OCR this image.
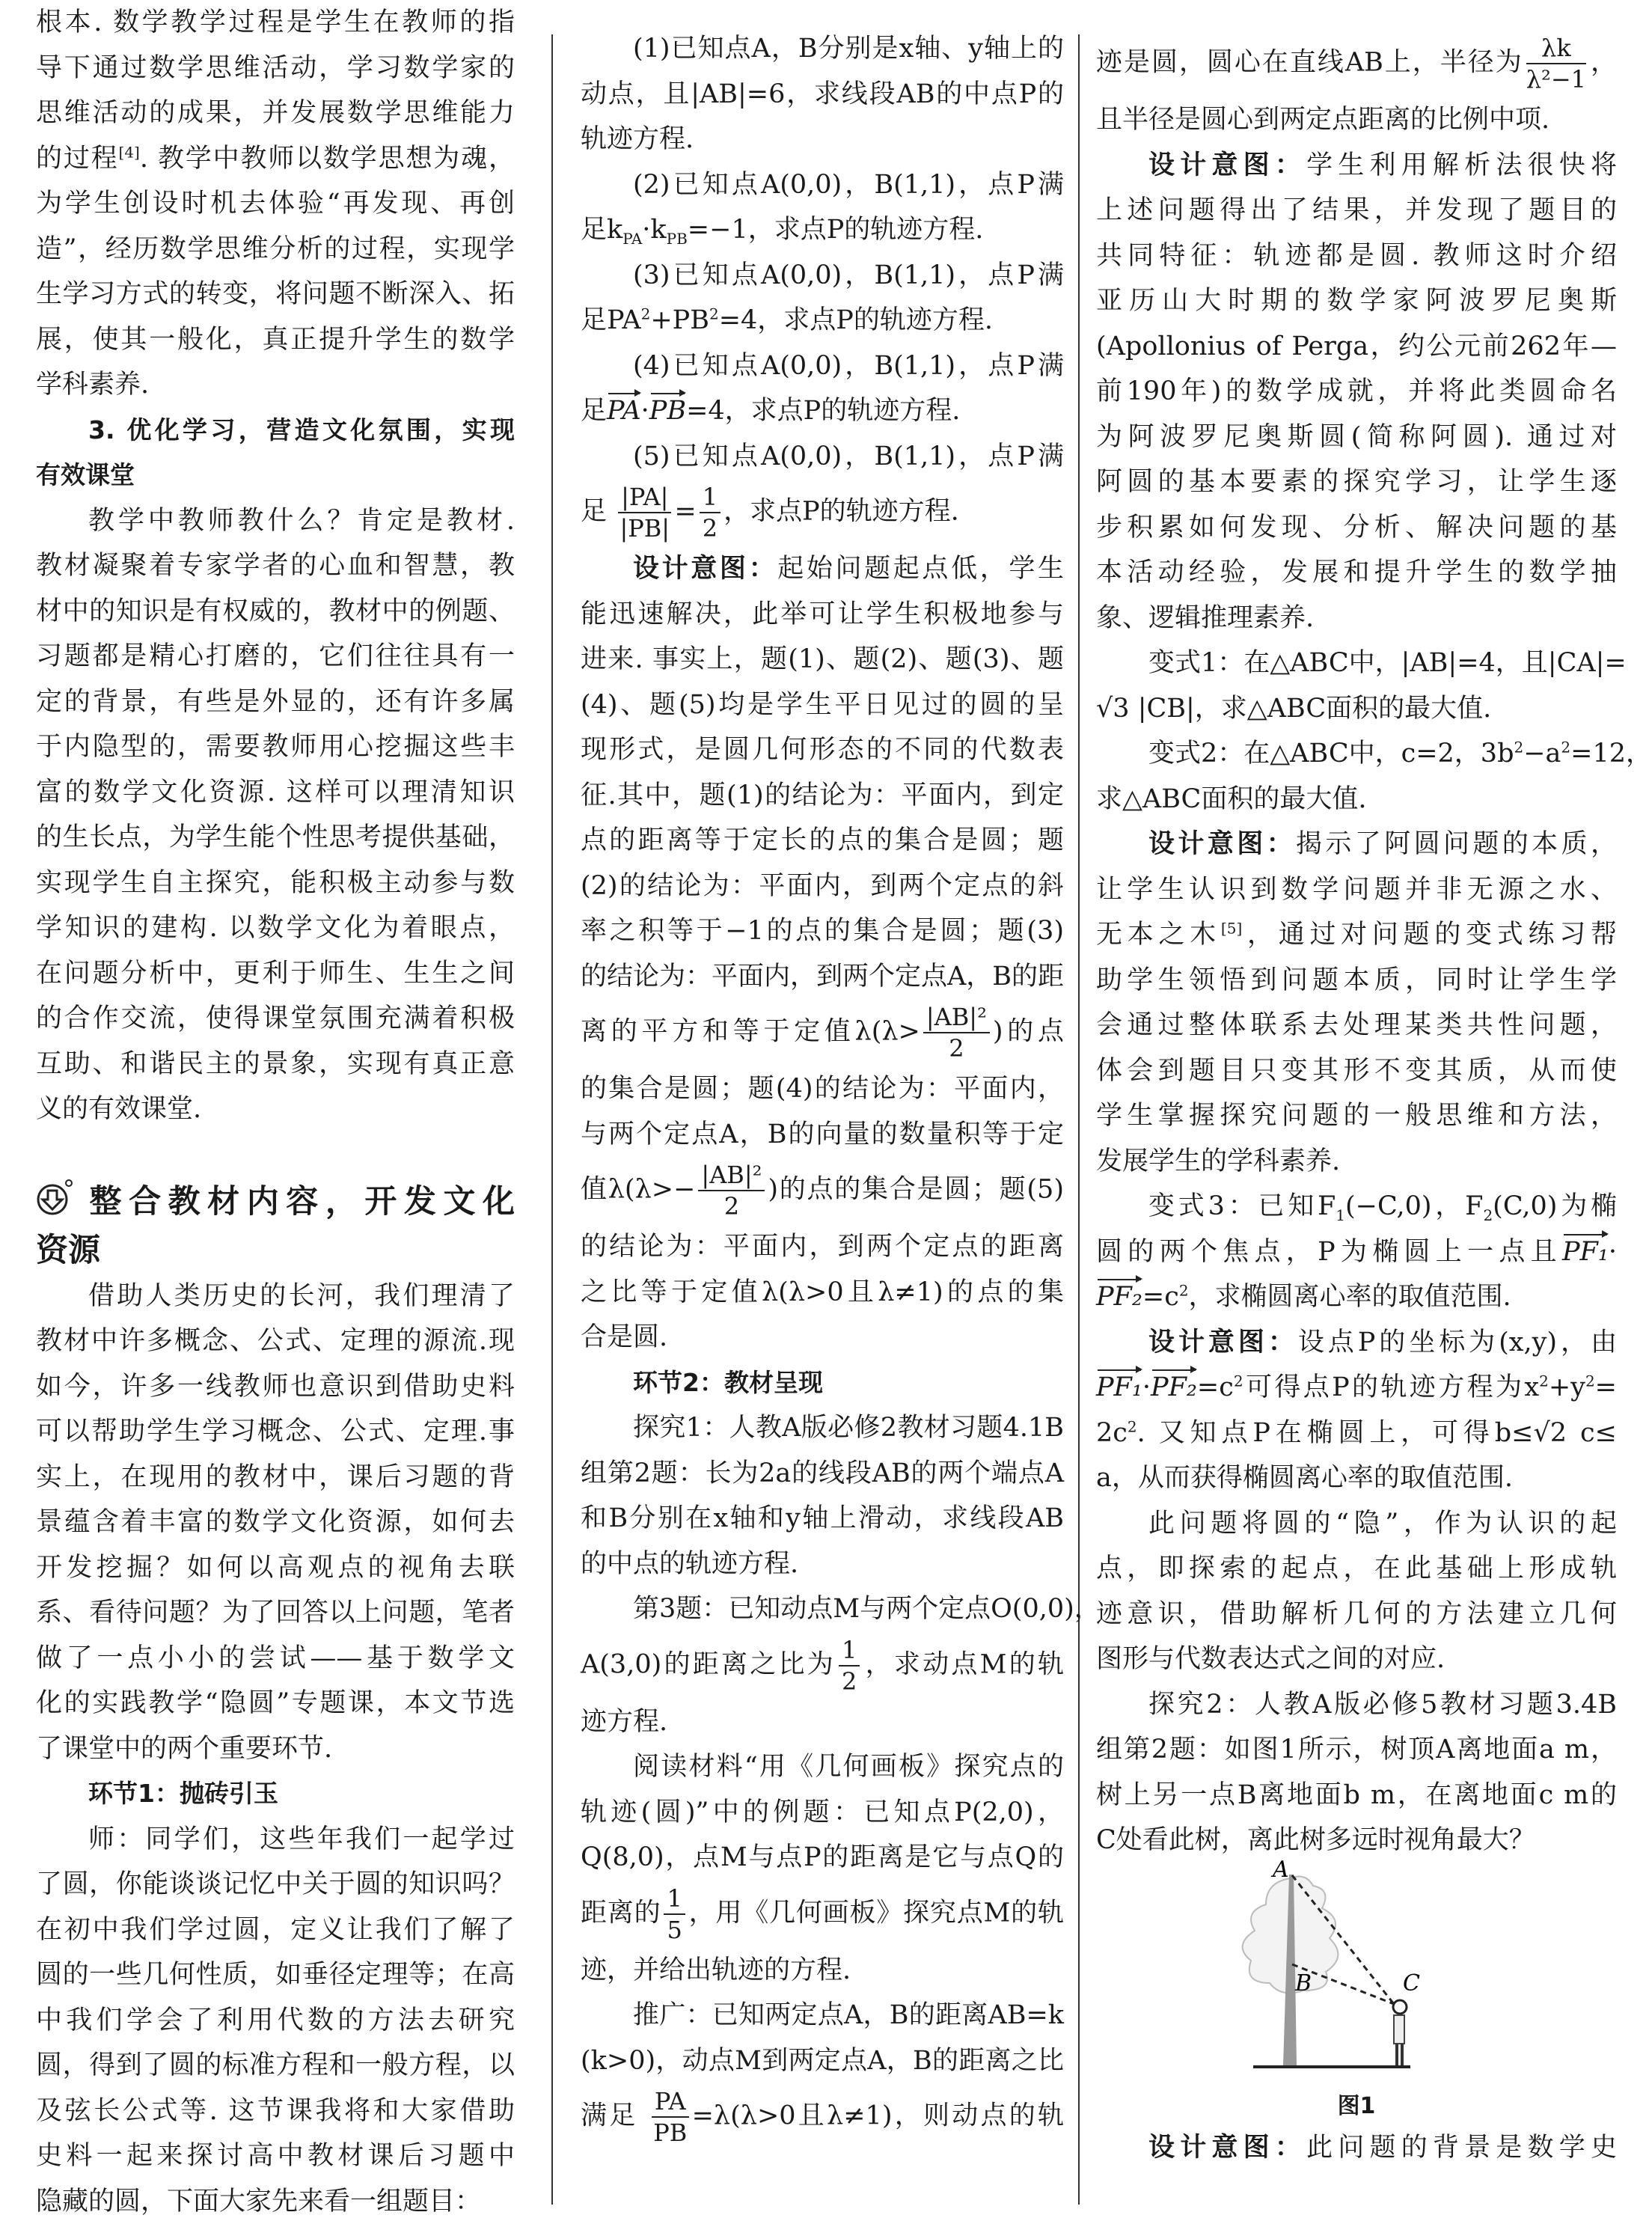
根本. 数学教学过程是学生在教师的指
导下通过数学思维活动，学习数学家的
思维活动的成果，并发展数学思维能力
的过程[4]. 教学中教师以数学思想为魂，
为学生创设时机去体验“再发现、再创
造”，经历数学思维分析的过程，实现学
生学习方式的转变，将问题不断深入、拓
展，使其一般化，真正提升学生的数学
学科素养.
3. 优化学习，营造文化氛围，实现
有效课堂
教学中教师教什么？肯定是教材.
教材凝聚着专家学者的心血和智慧，教
材中的知识是有权威的，教材中的例题、
习题都是精心打磨的，它们往往具有一
定的背景，有些是外显的，还有许多属
于内隐型的，需要教师用心挖掘这些丰
富的数学文化资源. 这样可以理清知识
的生长点，为学生能个性思考提供基础，
实现学生自主探究，能积极主动参与数
学知识的建构. 以数学文化为着眼点，
在问题分析中，更利于师生、生生之间
的合作交流，使得课堂氛围充满着积极
互助、和谐民主的景象，实现有真正意
义的有效课堂.
整合教材内容，开发文化
资源
借助人类历史的长河，我们理清了
教材中许多概念、公式、定理的源流.现
如今，许多一线教师也意识到借助史料
可以帮助学生学习概念、公式、定理.事
实上，在现用的教材中，课后习题的背
景蕴含着丰富的数学文化资源，如何去
开发挖掘？如何以高观点的视角去联
系、看待问题？为了回答以上问题，笔者
做了一点小小的尝试——基于数学文
化的实践教学“隐圆”专题课，本文节选
了课堂中的两个重要环节.
环节1：抛砖引玉
师：同学们，这些年我们一起学过
了圆，你能谈谈记忆中关于圆的知识吗？
在初中我们学过圆，定义让我们了解了
圆的一些几何性质，如垂径定理等；在高
中我们学会了利用代数的方法去研究
圆，得到了圆的标准方程和一般方程，以
及弦长公式等. 这节课我将和大家借助
史料一起来探讨高中教材课后习题中
隐藏的圆，下面大家先来看一组题目：
(1)已知点A，B分别是x轴、y轴上的
动点，且|AB|=6，求线段AB的中点P的
轨迹方程.
(2)已知点A(0,0)，B(1,1)，点P满
足$k_{PA}\cdot k_{PB}=-1$，求点P的轨迹方程.
(3)已知点A(0,0)，B(1,1)，点P满
足$PA^2+PB^2=4$，求点P的轨迹方程.
(4)已知点A(0,0)，B(1,1)，点P满
足PA·PB=4，求点P的轨迹方程.
(5)已知点A(0,0)，B(1,1)，点P满
足 $\frac{|PA|}{|PB|} = \frac{1}{2}$ ，求点P的轨迹方程.
设计意图：起始问题起点低，学生
能迅速解决，此举可让学生积极地参与
进来. 事实上，题(1)、题(2)、题(3)、题
(4)、题(5)均是学生平日见过的圆的呈
现形式，是圆几何形态的不同的代数表
征.其中，题(1)的结论为：平面内，到定
点的距离等于定长的点的集合是圆；题
(2)的结论为：平面内，到两个定点的斜
率之积等于−1的点的集合是圆；题(3)
的结论为：平面内，到两个定点A，B的距
离的平方和等于定值$\lambda(\lambda> \frac{\text{|AB|²}}{2}$ )的点
的集合是圆；题(4)的结论为：平面内，
与两个定点A，B的向量的数量积等于定
值$\lambda(\lambda>- \frac{\text{|AB|²}}{2}$ )的点的集合是圆；题(5)
的结论为：平面内，到两个定点的距离
之比等于定值λ(λ>0且λ≠1)的点的集
合是圆.
环节2：教材呈现
探究1：人教A版必修2教材习题4.1B
组第2题：长为2a的线段AB的两个端点A
和B分别在x轴和y轴上滑动，求线段AB
的中点的轨迹方程.
第3题：已知动点M与两个定点O(0,0)，
A(3,0)的距离之比为 $\frac{1}{2}$ ，求动点M的轨
迹方程.
阅读材料“用《几何画板》探究点的
轨迹(圆)”中的例题：已知点P(2,0)，
Q(8,0)，点M与点P的距离是它与点Q的
距离的 $\frac{1}{5}$ ，用《几何画板》探究点M的轨
迹，并给出轨迹的方程.
推广：已知两定点A，B的距离AB=k
(k>0)，动点M到两定点A，B的距离之比
满足 $\frac{PA}{PB} =\lambda(\lambda>0$且λ≠1)，则动点的轨
迹是圆，圆心在直线AB上，半径为 $\frac{\lambda k}{\text{λ²−1}}$ ，
且半径是圆心到两定点距离的比例中项.
设计意图：学生利用解析法很快将
上述问题得出了结果，并发现了题目的
共同特征：轨迹都是圆. 教师这时介绍
亚历山大时期的数学家阿波罗尼奥斯
(Apollonius of Perga，约公元前262年—
前190年)的数学成就，并将此类圆命名
为阿波罗尼奥斯圆(简称阿圆). 通过对
阿圆的基本要素的探究学习，让学生逐
步积累如何发现、分析、解决问题的基
本活动经验，发展和提升学生的数学抽
象、逻辑推理素养.
变式1：在△ABC中，|AB|=4，且|CA|=
√3 |CB|，求△ABC面积的最大值.
变式2：在△ABC中，c=2，$3b^2-a^2=12$，
求△ABC面积的最大值.
设计意图：揭示了阿圆问题的本质，
让学生认识到数学问题并非无源之水、
无本之木[5]，通过对问题的变式练习帮
助学生领悟到问题本质，同时让学生学
会通过整体联系去处理某类共性问题，
体会到题目只变其形不变其质，从而使
学生掌握探究问题的一般思维和方法，
发展学生的学科素养.
变式3：已知$F_1(-C,0)$，$F_2(C,0)$为椭
圆的两个焦点，P为椭圆上一点且PF₁·
$PF_2=c^2$，求椭圆离心率的取值范围.
设计意图：设点P的坐标为(x,y)，由
$PF_1\cdot PF_2=c^2$可得点P的轨迹方程为$x^2+y^2=$
$2c^2$. 又知点P在椭圆上，可得b≤√2 c≤
a，从而获得椭圆离心率的取值范围.
此问题将圆的“隐”，作为认识的起
点，即探索的起点，在此基础上形成轨
迹意识，借助解析几何的方法建立几何
图形与代数表达式之间的对应.
探究2：人教A版必修5教材习题3.4B
组第2题：如图1所示，树顶A离地面a m，
树上另一点B离地面b m，在离地面c m的
C处看此树，离此树多远时视角最大？
A
B	C
图1
设计意图：此问题的背景是数学史
